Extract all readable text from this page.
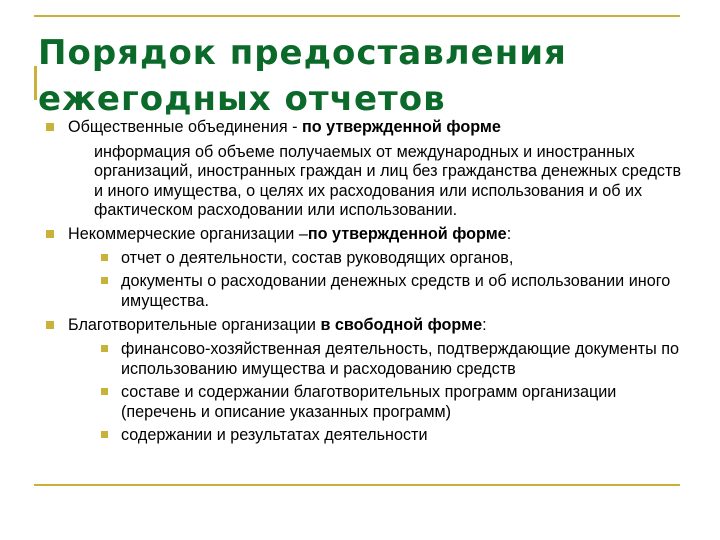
Порядок предоставления
ежегодных отчетов
Общественные объединения - по утвержденной форме
информация об объеме получаемых от международных и иностранных организаций, иностранных граждан и лиц без гражданства денежных средств и иного имущества, о целях их расходования или использования и об их фактическом расходовании или использовании.
Некоммерческие организации –по утвержденной форме:
отчет о деятельности, состав руководящих органов,
документы о расходовании денежных средств и об использовании иного имущества.
Благотворительные организации в свободной форме:
финансово-хозяйственная деятельность, подтверждающие документы по использованию имущества и расходованию средств
составе и содержании благотворительных программ организации (перечень и описание указанных программ)
содержании и результатах деятельности
